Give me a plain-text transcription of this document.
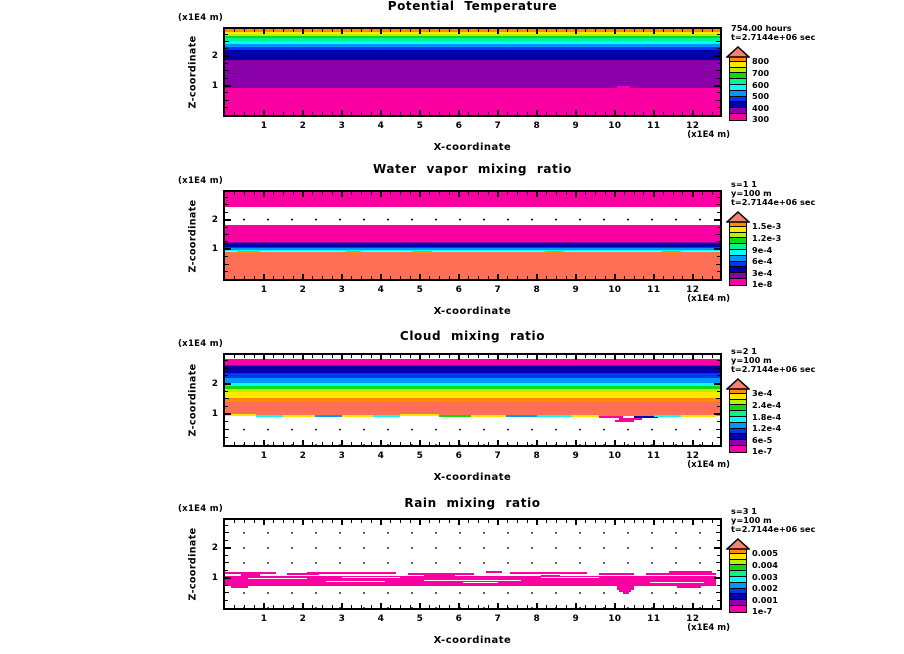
Potential Temperature
(x1E4 m)
Z-coordinate
(x1E4 m)
X-coordinate
754.00 hours
t=2.7144e+06 sec
Water vapor mixing ratio
(x1E4 m)
Z-coordinate
(x1E4 m)
X-coordinate
s=1 1
y=100 m
t=2.7144e+06 sec
Cloud mixing ratio
(x1E4 m)
Z-coordinate
(x1E4 m)
X-coordinate
s=2 1
y=100 m
t=2.7144e+06 sec
Rain mixing ratio
(x1E4 m)
Z-coordinate
(x1E4 m)
X-coordinate
s=3 1
y=100 m
t=2.7144e+06 sec
1	2	3	4	5	6	7	8	9	10	11	12
1
2	800
700
600
500
400
300
1	2	3	4	5	6	7	8	9	10	11	12
1
2
1.5e-3
1.2e-3
9e-4
6e-4
3e-4
1e-8
1	2	3	4	5	6	7	8	9	10	11	12
1
2
3e-4
2.4e-4
1.8e-4
1.2e-4
6e-5
1e-7
1	2	3	4	5	6	7	8	9	10	11	12
1
2
0.005
0.004
0.003
0.002
0.001
1e-7
